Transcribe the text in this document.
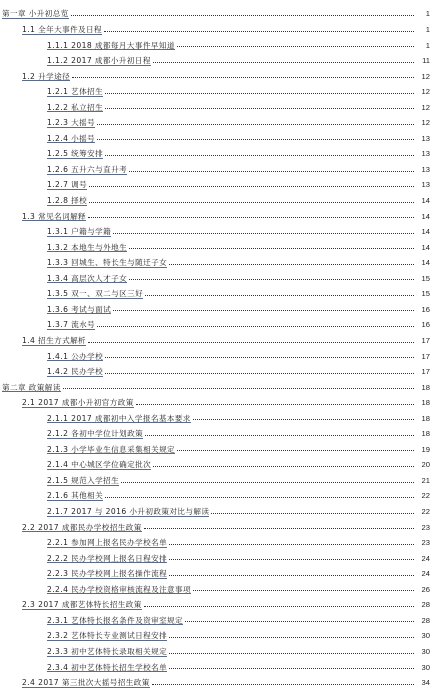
第一章 小升初总览	1
1.1 全年大事件及日程	1
1.1.1 2018 成都每月大事件早知道	1
1.1.2 2017 成都小升初日程	11
1.2 升学途径	12
1.2.1 艺体招生	12
1.2.2 私立招生	12
1.2.3 大摇号	12
1.2.4 小摇号	13
1.2.5 统筹安排	13
1.2.6 五升六与直升考	13
1.2.7 调号	13
1.2.8 择校	14
1.3 常见名词解释	14
1.3.1 户籍与学籍	14
1.3.2 本地生与外地生	14
1.3.3 回城生、特长生与随迁子女	14
1.3.4 高层次人才子女	15
1.3.5 双一、双二与区三好	15
1.3.6 考试与面试	16
1.3.7 流水号	16
1.4 招生方式解析	17
1.4.1 公办学校	17
1.4.2 民办学校	17
第二章 政策解读	18
2.1 2017 成都小升初官方政策	18
2.1.1 2017 成都初中入学报名基本要求	18
2.1.2 各初中学位计划政策	18
2.1.3 小学毕业生信息采集相关规定	19
2.1.4 中心城区学位确定批次	20
2.1.5 规范入学招生	21
2.1.6 其他相关	22
2.1.7 2017 与 2016 小升初政策对比与解读	22
2.2 2017 成都民办学校招生政策	23
2.2.1 参加网上报名民办学校名单	23
2.2.2 民办学校网上报名日程安排	24
2.2.3 民办学校网上报名操作流程	24
2.2.4 民办学校资格审核流程及注意事项	26
2.3 2017 成都艺体特长招生政策	28
2.3.1 艺体特长报名条件及资审室规定	28
2.3.2 艺体特长专业测试日程安排	30
2.3.3 初中艺体特长录取相关规定	30
2.3.4 初中艺体特长招生学校名单	30
2.4 2017 第三批次大摇号招生政策	34
